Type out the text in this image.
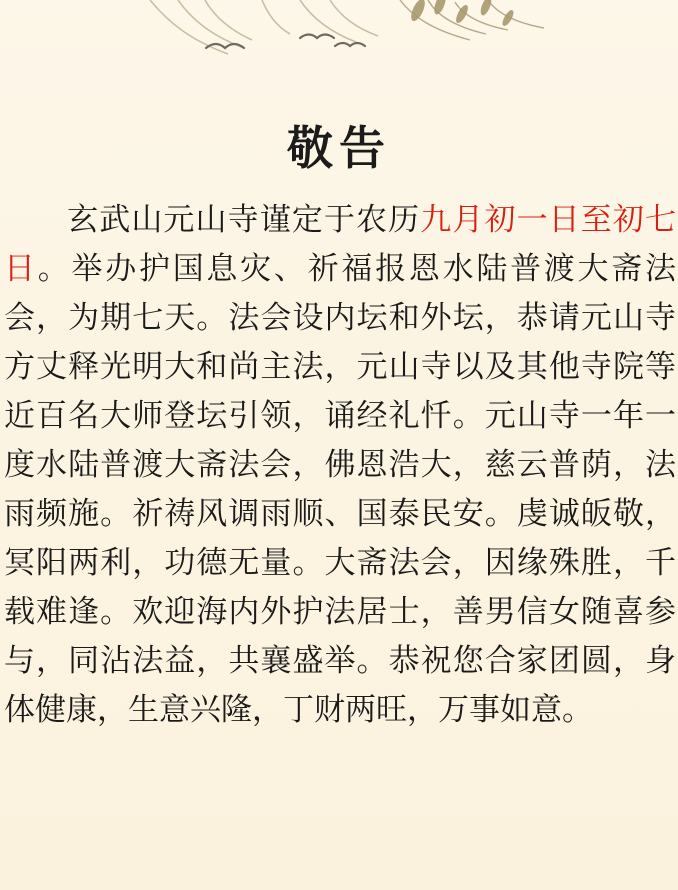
敬告
玄武山元山寺谨定于农历九月初一日至初七日。举办护国息灾、祈福报恩水陆普渡大斋法会，为期七天。法会设内坛和外坛，恭请元山寺方丈释光明大和尚主法，元山寺以及其他寺院等近百名大师登坛引领，诵经礼忏。元山寺一年一度水陆普渡大斋法会，佛恩浩大，慈云普荫，法雨频施。祈祷风调雨顺、国泰民安。虔诚皈敬，冥阳两利，功德无量。大斋法会，因缘殊胜，千载难逢。欢迎海内外护法居士，善男信女随喜参与，同沾法益，共襄盛举。恭祝您合家团圆，身体健康，生意兴隆，丁财两旺，万事如意。
